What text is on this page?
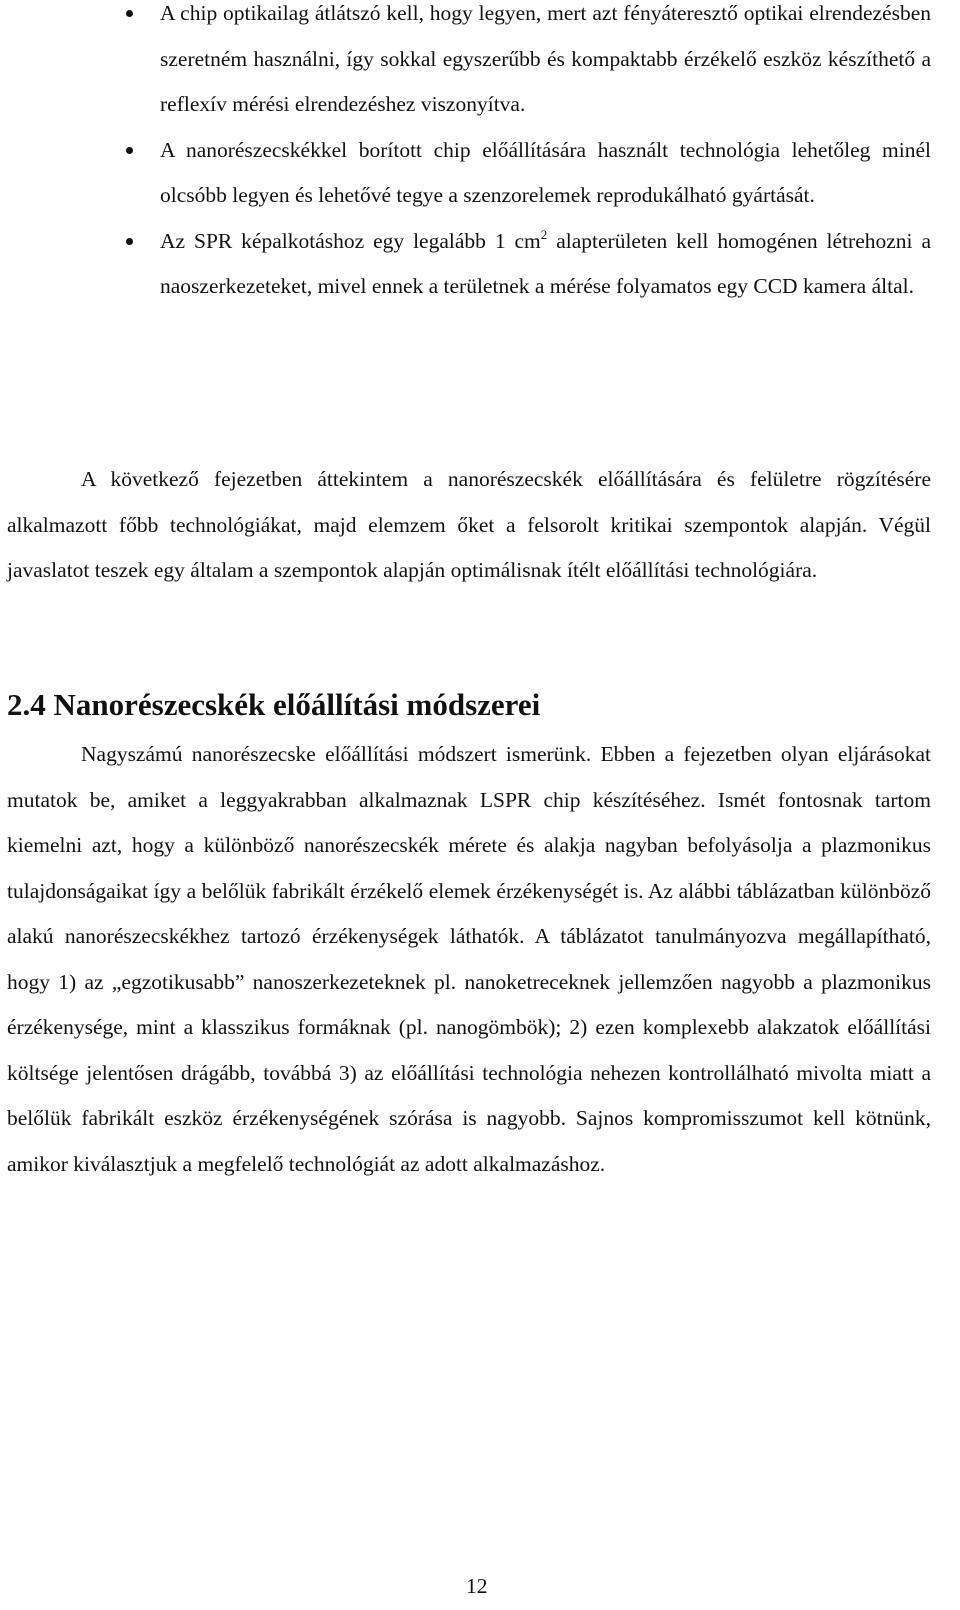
A chip optikailag átlátszó kell, hogy legyen, mert azt fényáteresztő optikai elrendezésben szeretném használni, így sokkal egyszerűbb és kompaktabb érzékelő eszköz készíthető a reflexív mérési elrendezéshez viszonyítva.
A nanorészecskékkel borított chip előállítására használt technológia lehetőleg minél olcsóbb legyen és lehetővé tegye a szenzorelemek reprodukálható gyártását.
Az SPR képalkotáshoz egy legalább 1 $cm^2$ alapterületen kell homogénen létrehozni a naoszerkezeteket, mivel ennek a területnek a mérése folyamatos egy CCD kamera által.

A következő fejezetben áttekintem a nanorészecskék előállítására és felületre rögzítésére alkalmazott főbb technológiákat, majd elemzem őket a felsorolt kritikai szempontok alapján. Végül javaslatot teszek egy általam a szempontok alapján optimálisnak ítélt előállítási technológiára.

2.4 Nanorészecskék előállítási módszerei

Nagyszámú nanorészecske előállítási módszert ismerünk. Ebben a fejezetben olyan eljárásokat mutatok be, amiket a leggyakrabban alkalmaznak LSPR chip készítéséhez. Ismét fontosnak tartom kiemelni azt, hogy a különböző nanorészecskék mérete és alakja nagyban befolyásolja a plazmonikus tulajdonságaikat így a belőlük fabrikált érzékelő elemek érzékenységét is. Az alábbi táblázatban különböző alakú nanorészecskékhez tartozó érzékenységek láthatók. A táblázatot tanulmányozva megállapítható, hogy 1) az „egzotikusabb” nanoszerkezeteknek pl. nanoketreceknek jellemzően nagyobb a plazmonikus érzékenysége, mint a klasszikus formáknak (pl. nanogömbök); 2) ezen komplexebb alakzatok előállítási költsége jelentősen drágább, továbbá 3) az előállítási technológia nehezen kontrollálható mivolta miatt a belőlük fabrikált eszköz érzékenységének szórása is nagyobb. Sajnos kompromisszumot kell kötnünk, amikor kiválasztjuk a megfelelő technológiát az adott alkalmazáshoz.

12
